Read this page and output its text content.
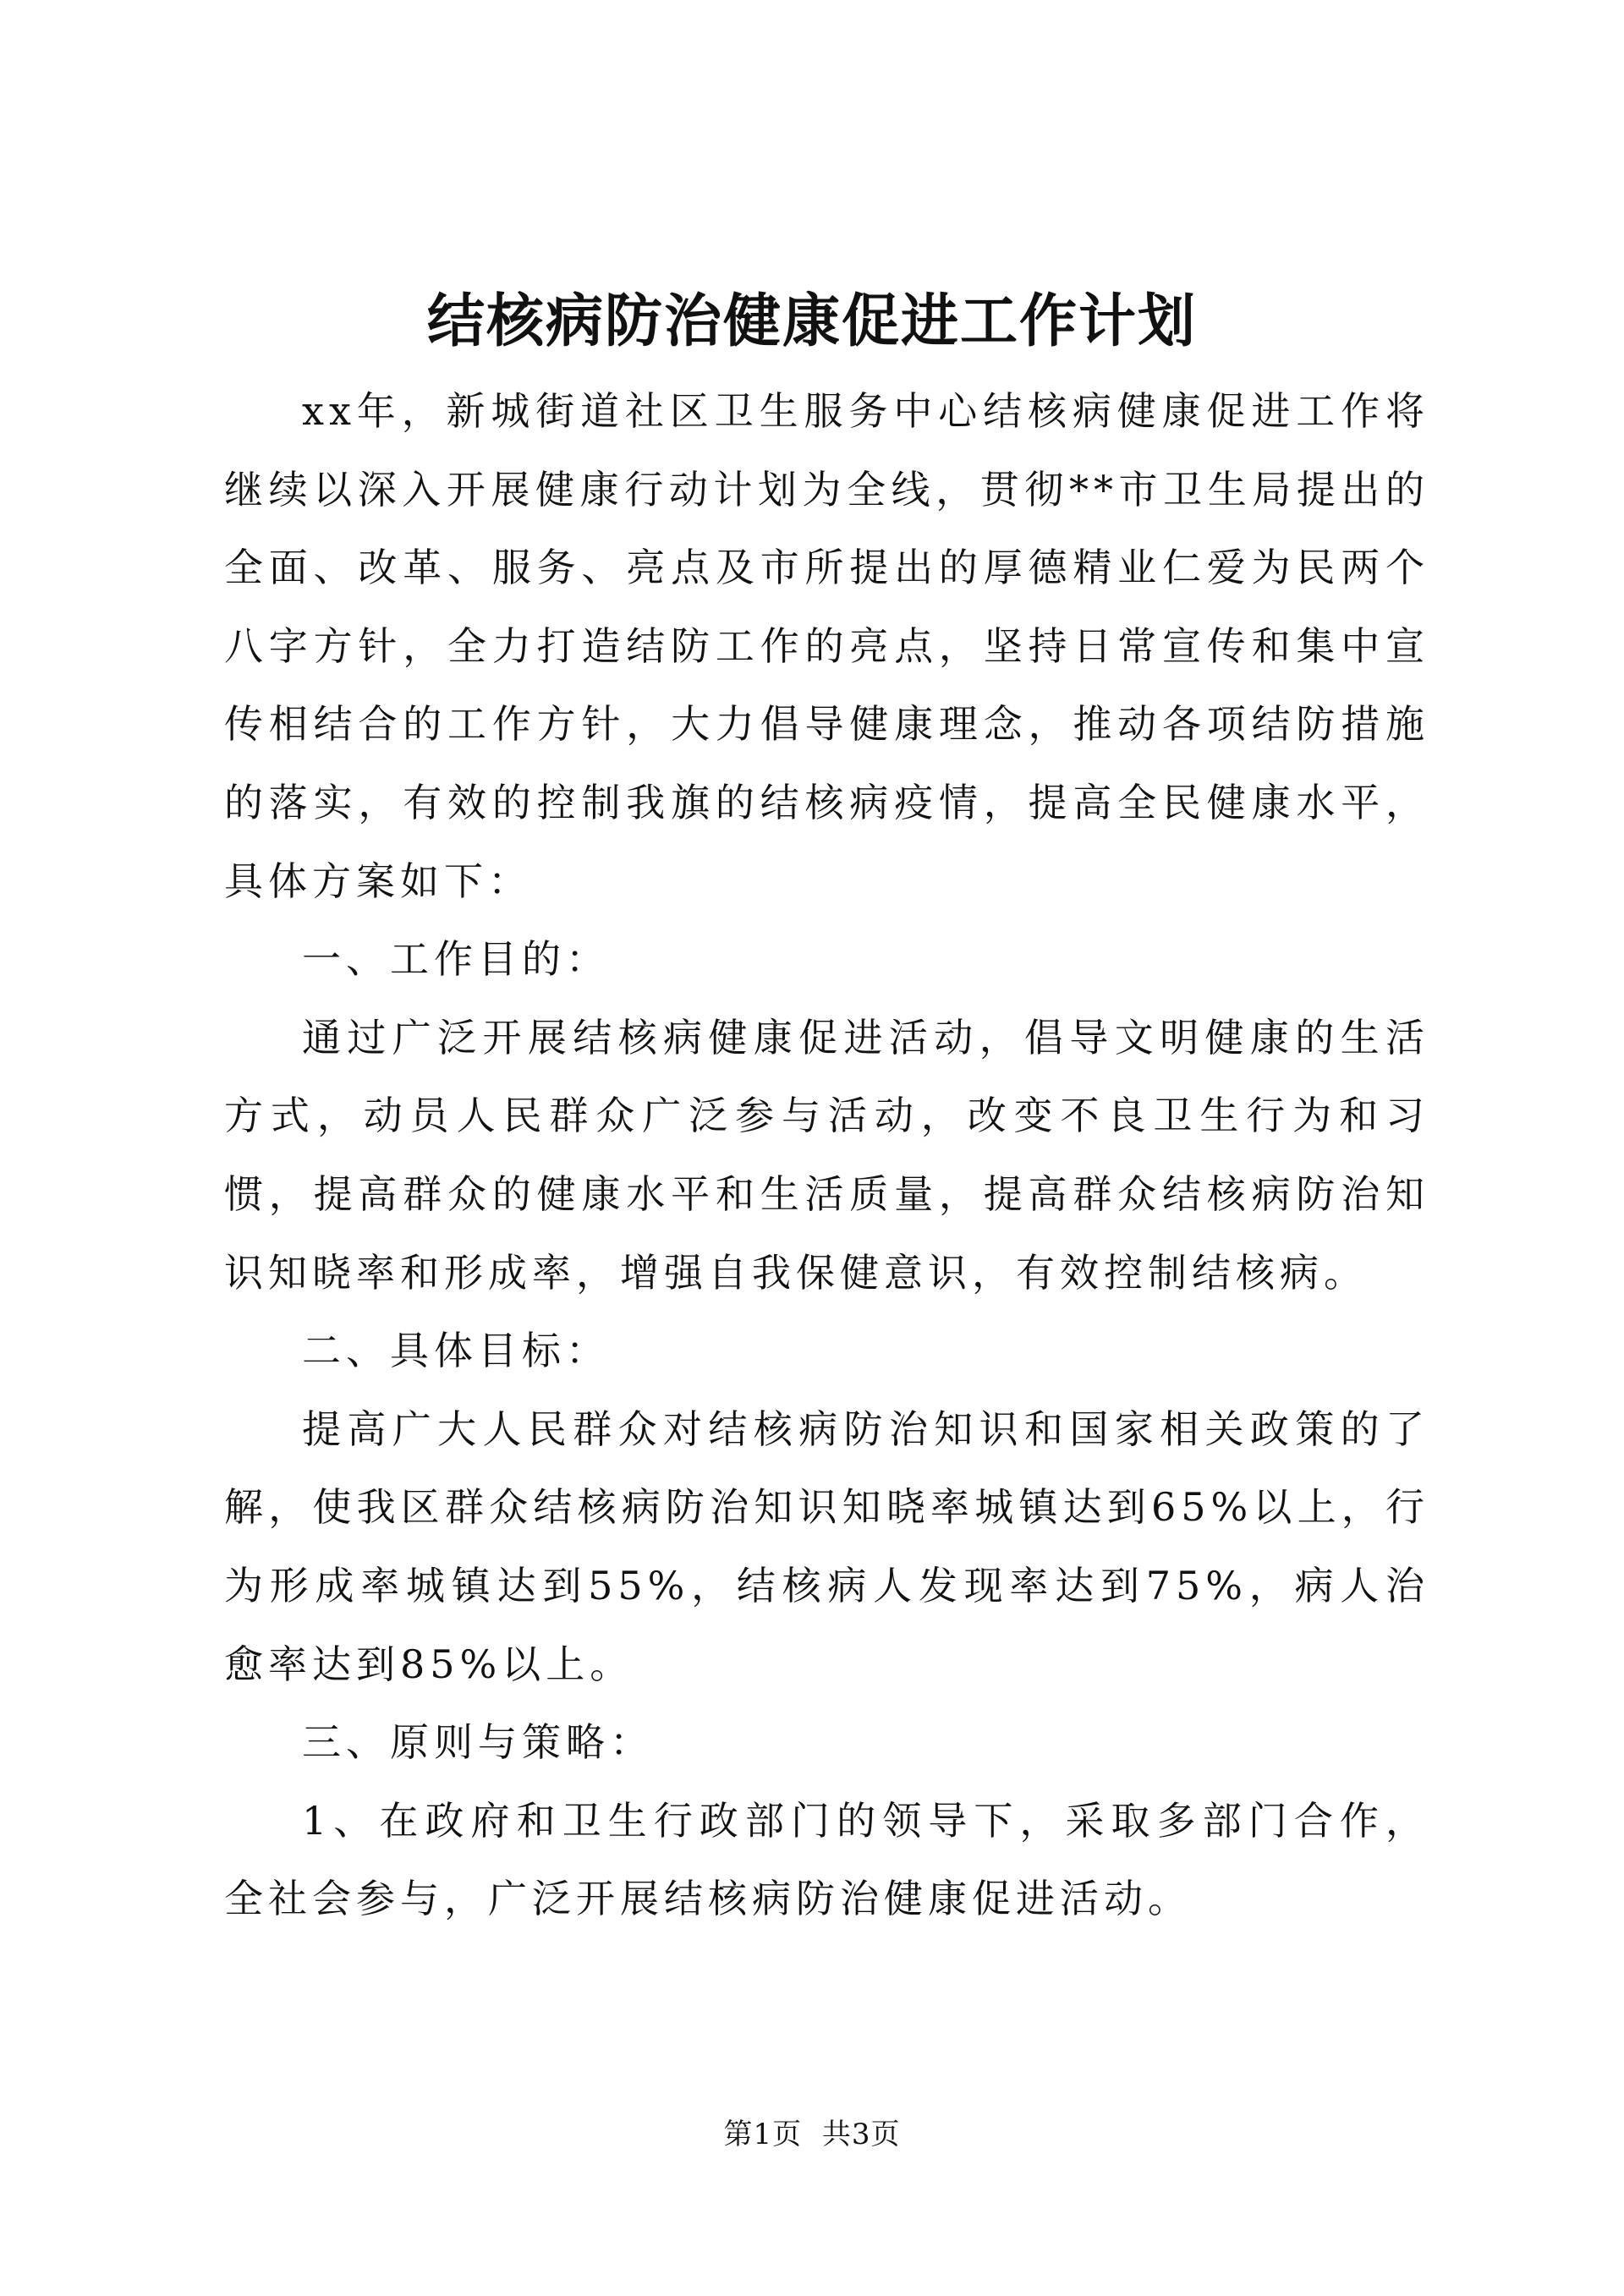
结核病防治健康促进工作计划

xx年，新城街道社区卫生服务中心结核病健康促进工作将继续以深入开展健康行动计划为全线，贯彻**市卫生局提出的全面、改革、服务、亮点及市所提出的厚德精业仁爱为民两个八字方针，全力打造结防工作的亮点，坚持日常宣传和集中宣传相结合的工作方针，大力倡导健康理念，推动各项结防措施的落实，有效的控制我旗的结核病疫情，提高全民健康水平，具体方案如下：

一、工作目的：

通过广泛开展结核病健康促进活动，倡导文明健康的生活方式，动员人民群众广泛参与活动，改变不良卫生行为和习惯，提高群众的健康水平和生活质量，提高群众结核病防治知识知晓率和形成率，增强自我保健意识，有效控制结核病。

二、具体目标：

提高广大人民群众对结核病防治知识和国家相关政策的了解，使我区群众结核病防治知识知晓率城镇达到65%以上，行为形成率城镇达到55%，结核病人发现率达到75%，病人治愈率达到85%以上。

三、原则与策略：

1、在政府和卫生行政部门的领导下，采取多部门合作，全社会参与，广泛开展结核病防治健康促进活动。

第1页 共3页
